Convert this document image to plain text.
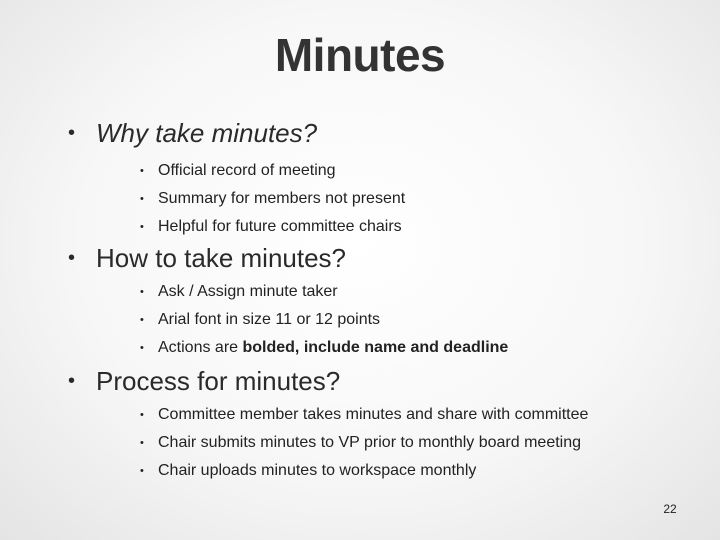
Minutes
• Why take minutes?
• Official record of meeting
• Summary for members not present
• Helpful for future committee chairs
• How to take minutes?
• Ask / Assign minute taker
• Arial font in size 11 or 12 points
• Actions are bolded, include name and deadline
• Process for minutes?
• Committee member takes minutes and share with committee
• Chair submits minutes to VP prior to monthly board meeting
• Chair uploads minutes to workspace monthly
22
